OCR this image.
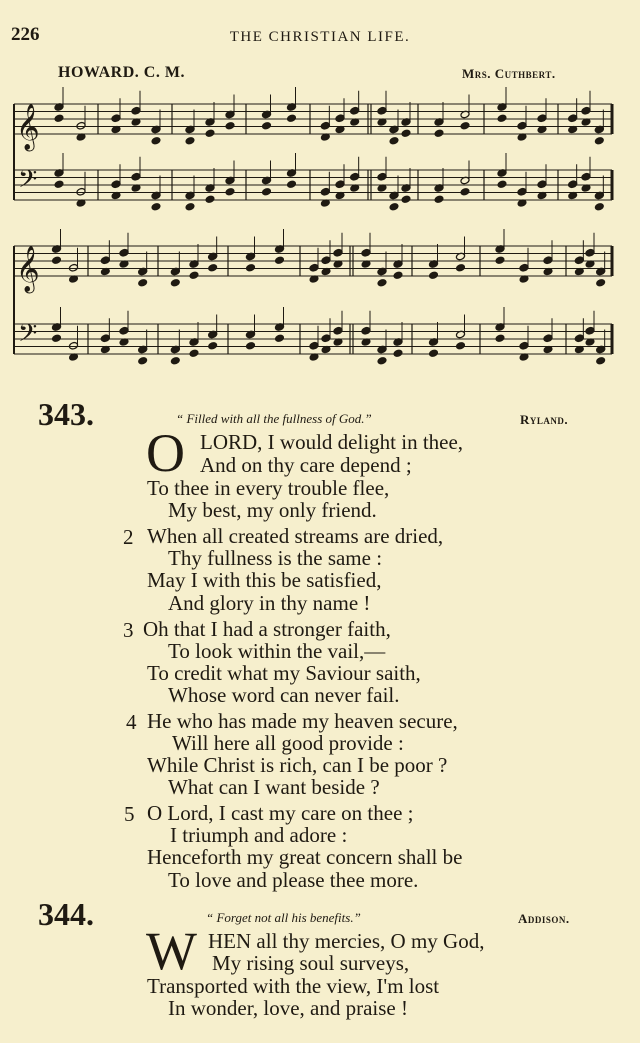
226	THE CHRISTIAN LIFE.
HOWARD. C. M.	Mrs. Cuthbert.
𝄞
𝄢
𝄞
𝄢
343.	“ Filled with all the fullness of God.”	Ryland.
O LORD, I would delight in thee,
And on thy care depend ;
To thee in every trouble flee,
My best, my only friend.
2 When all created streams are dried,
Thy fullness is the same :
May I with this be satisfied,
And glory in thy name !
3 Oh that I had a stronger faith,
To look within the vail,—
To credit what my Saviour saith,
Whose word can never fail.
4 He who has made my heaven secure,
Will here all good provide :
While Christ is rich, can I be poor ?
What can I want beside ?
5 O Lord, I cast my care on thee ;
I triumph and adore :
Henceforth my great concern shall be
To love and please thee more.
344.	“ Forget not all his benefits.”	Addison.
W HEN all thy mercies, O my God,
My rising soul surveys,
Transported with the view, I'm lost
In wonder, love, and praise !
